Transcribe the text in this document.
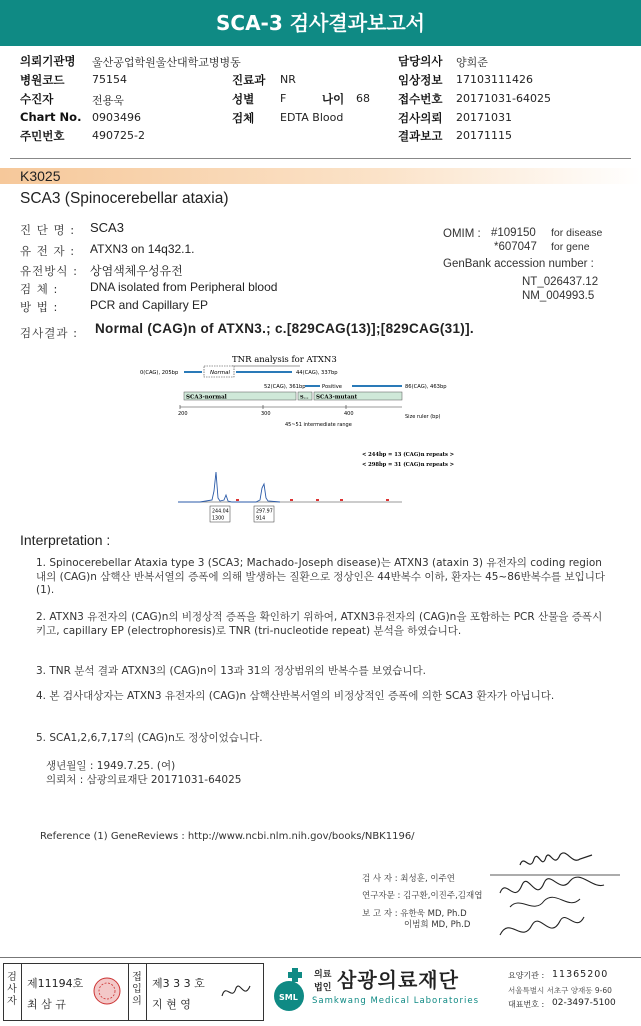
SCA-3 검사결과보고서
의뢰기관명 울산공업학원울산대학교병병동
병원코드	75154
수진자	전용욱
Chart No. 0903496
주민번호	490725-2
진료과 NR
성별 F	나이 68
검체 EDTA Blood
담당의사 양희준
임상정보 17103111426
접수번호 20171031-64025
검사의뢰 20171031
결과보고 20171115
K3025
SCA3 (Spinocerebellar ataxia)
진 단 명 : SCA3
유 전 자 : ATXN3 on 14q32.1.
유전방식 : 상염색체우성유전
검 체 :	DNA isolated from Peripheral blood
방 법 :	PCR and Capillary EP
OMIM : #109150 for disease
*607047 for gene
GenBank accession number :
NT_026437.12
NM_004993.5
검사결과 : Normal (CAG)n of ATXN3.; c.[829CAG(13)];[829CAG(31)].
TNR analysis for ATXN3
0(CAG), 205bp	Normal	44(CAG), 337bp
52(CAG), 361bp	Positive	86(CAG), 463bp
SCA3-normal	S... SCA3-mutant
200	300	400	Size ruler (bp)
45~51 intermediate range
< 244bp = 13 (CAG)n repeats >
< 298bp = 31 (CAG)n repeats >
244.04
1300
297.97
914
Interpretation :
1. Spinocerebellar Ataxia type 3 (SCA3; Machado-Joseph disease)는 ATXN3 (ataxin 3) 유전자의 coding region 내의 (CAG)n 삼핵산 반복서열의 증폭에 의해 발생하는 질환으로 정상인은 44반복수 이하, 환자는 45~86반복수를 보입니다 (1).
2. ATXN3 유전자의 (CAG)n의 비정상적 증폭을 확인하기 위하여, ATXN3유전자의 (CAG)n을 포함하는 PCR 산물을 증폭시키고, capillary EP (electrophoresis)로 TNR (tri-nucleotide repeat) 분석을 하였습니다.
3. TNR 분석 결과 ATXN3의 (CAG)n이 13과 31의 정상범위의 반복수를 보였습니다.
4. 본 검사대상자는 ATXN3 유전자의 (CAG)n 삼핵산반복서열의 비정상적인 증폭에 의한 SCA3 환자가 아닙니다.
5. SCA1,2,6,7,17의 (CAG)n도 정상이었습니다.
생년월일 : 1949.7.25. (여)
의뢰처 : 삼광의료재단 20171031-64025
Reference (1) GeneReviews : http://www.ncbi.nlm.nih.gov/books/NBK1196/
검 사 자 : 최성훈, 이주연
연구자문 : 김구환,이진주,김재엽
보 고 자 : 유한욱 MD, Ph.D
이범희 MD, Ph.D
검사자
제11194호
최 삼 규
접입의
제3 3 3 호
지 현 영
SML
의료
법인 삼광의료재단
Samkwang Medical Laboratories
요양기관 : 11365200
서울특별시 서초구 양재동 9-60
대표번호 : 02-3497-5100
